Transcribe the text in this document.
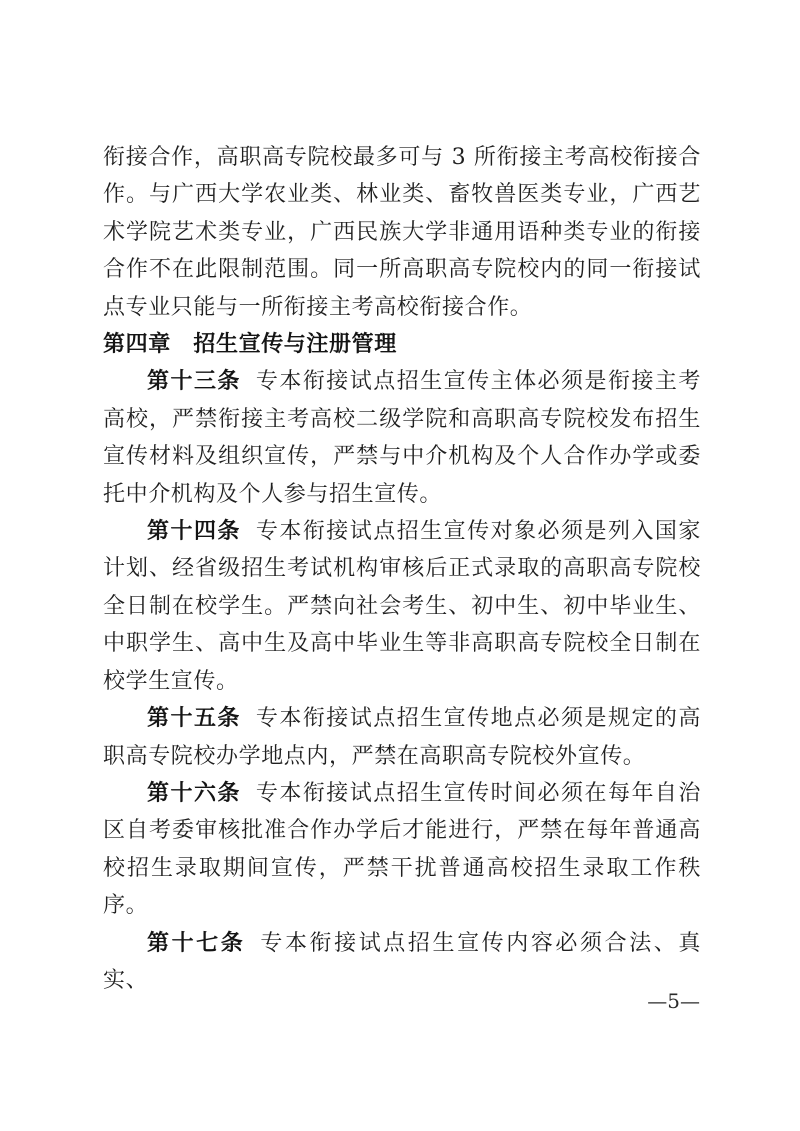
衔接合作，高职高专院校最多可与 3 所衔接主考高校衔接合作。与广西大学农业类、林业类、畜牧兽医类专业，广西艺术学院艺术类专业，广西民族大学非通用语种类专业的衔接合作不在此限制范围。同一所高职高专院校内的同一衔接试点专业只能与一所衔接主考高校衔接合作。

第四章　招生宣传与注册管理

第十三条 专本衔接试点招生宣传主体必须是衔接主考高校，严禁衔接主考高校二级学院和高职高专院校发布招生宣传材料及组织宣传，严禁与中介机构及个人合作办学或委托中介机构及个人参与招生宣传。

第十四条 专本衔接试点招生宣传对象必须是列入国家计划、经省级招生考试机构审核后正式录取的高职高专院校全日制在校学生。严禁向社会考生、初中生、初中毕业生、中职学生、高中生及高中毕业生等非高职高专院校全日制在校学生宣传。

第十五条 专本衔接试点招生宣传地点必须是规定的高职高专院校办学地点内，严禁在高职高专院校外宣传。

第十六条 专本衔接试点招生宣传时间必须在每年自治区自考委审核批准合作办学后才能进行，严禁在每年普通高校招生录取期间宣传，严禁干扰普通高校招生录取工作秩序。

第十七条 专本衔接试点招生宣传内容必须合法、真实、

—5—
